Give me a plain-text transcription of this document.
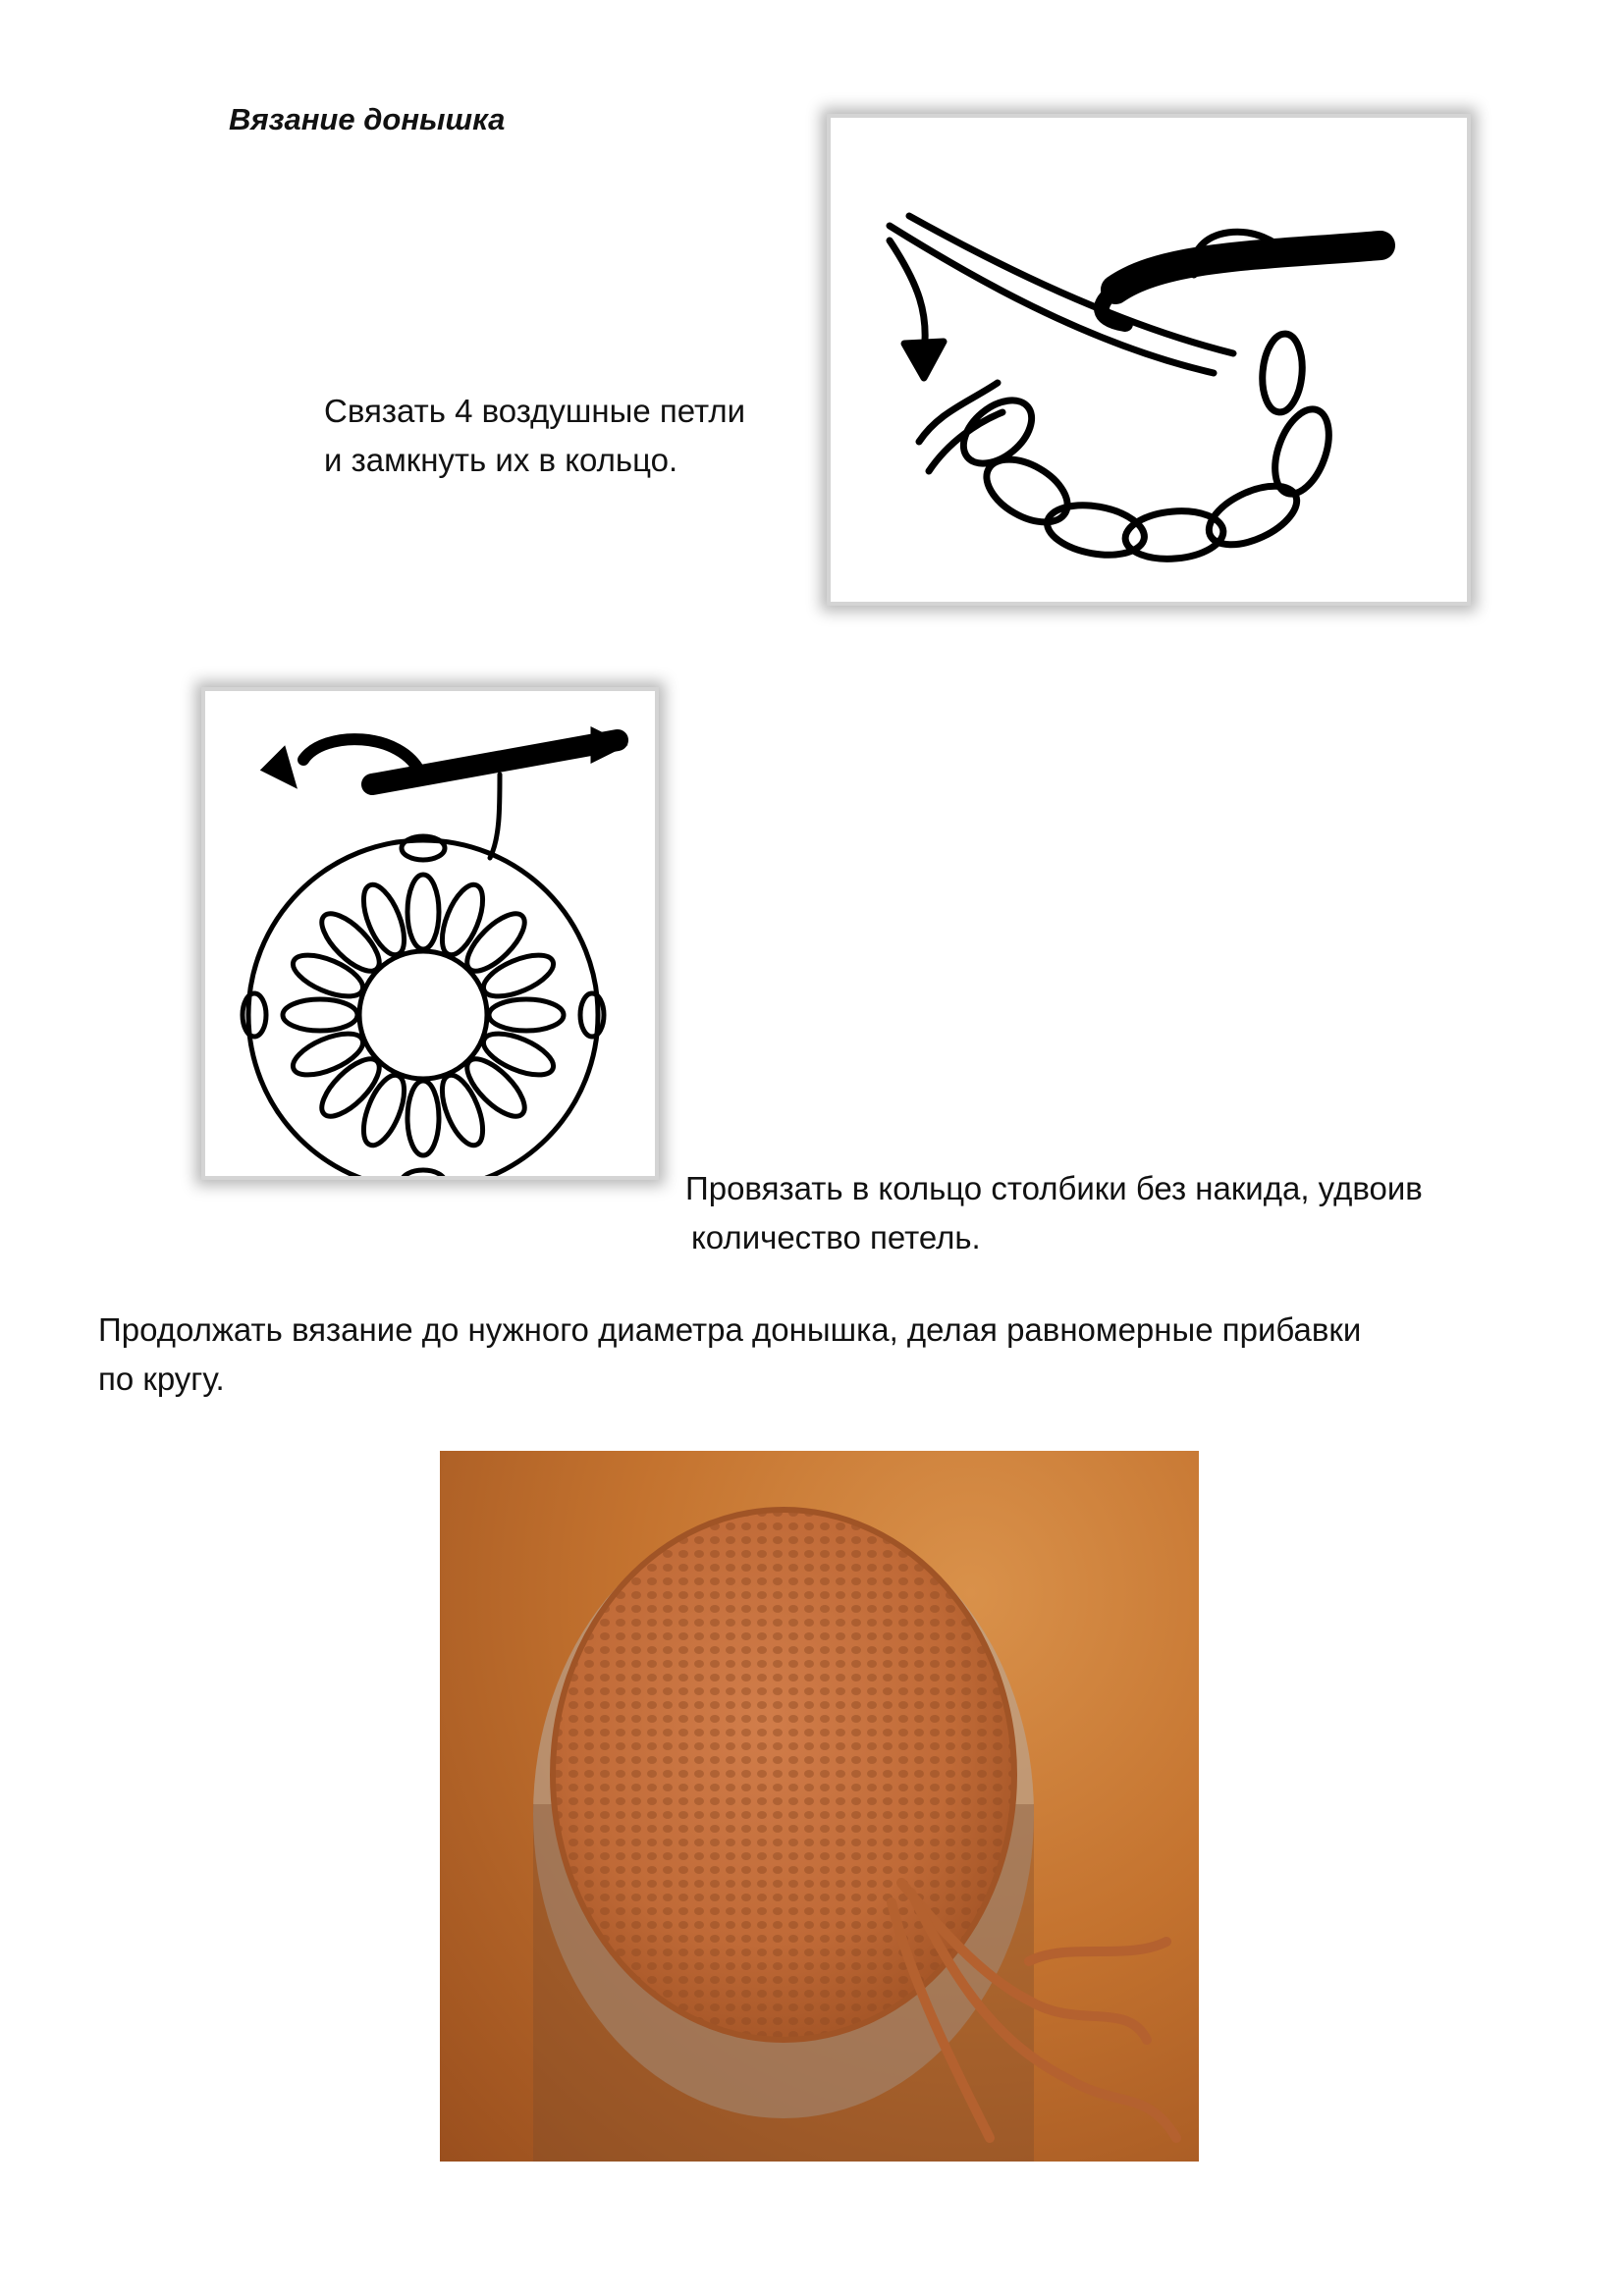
Вязание донышка
Связать 4 воздушные петли
и замкнуть их в кольцо.
Провязать в кольцо столбики без накида, удвоив
количество петель.
Продолжать вязание до нужного диаметра донышка, делая равномерные прибавки
по кругу.
